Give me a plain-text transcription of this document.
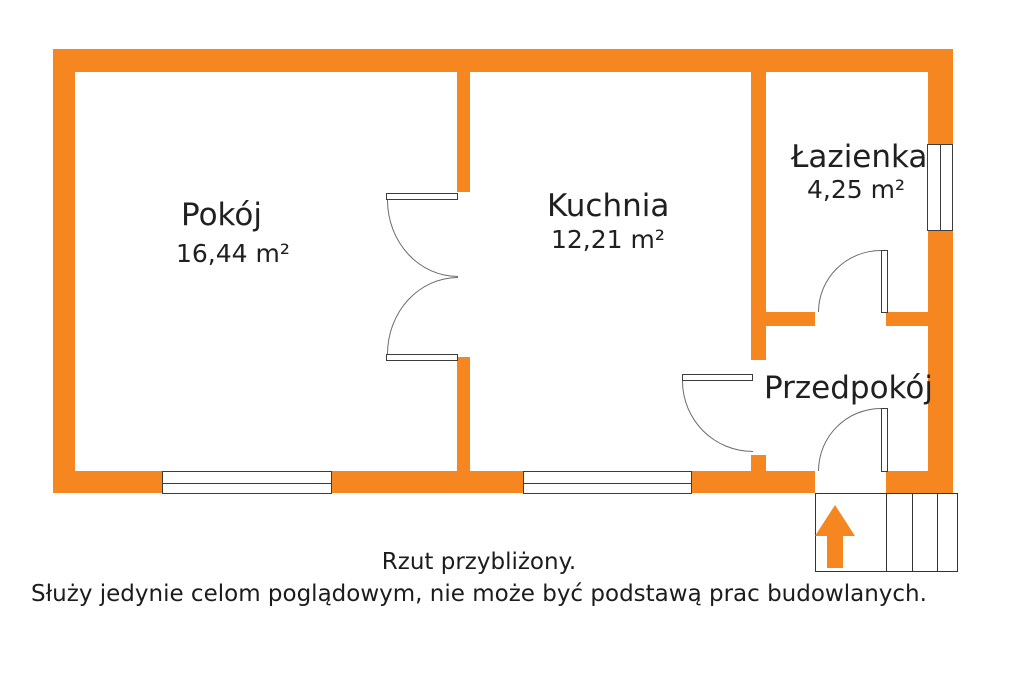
Pokój
16,44 m²
Kuchnia
12,21 m²
Łazienka
4,25 m²
Przedpokój
Rzut przybliżony.
Służy jedynie celom poglądowym, nie może być podstawą prac budowlanych.
